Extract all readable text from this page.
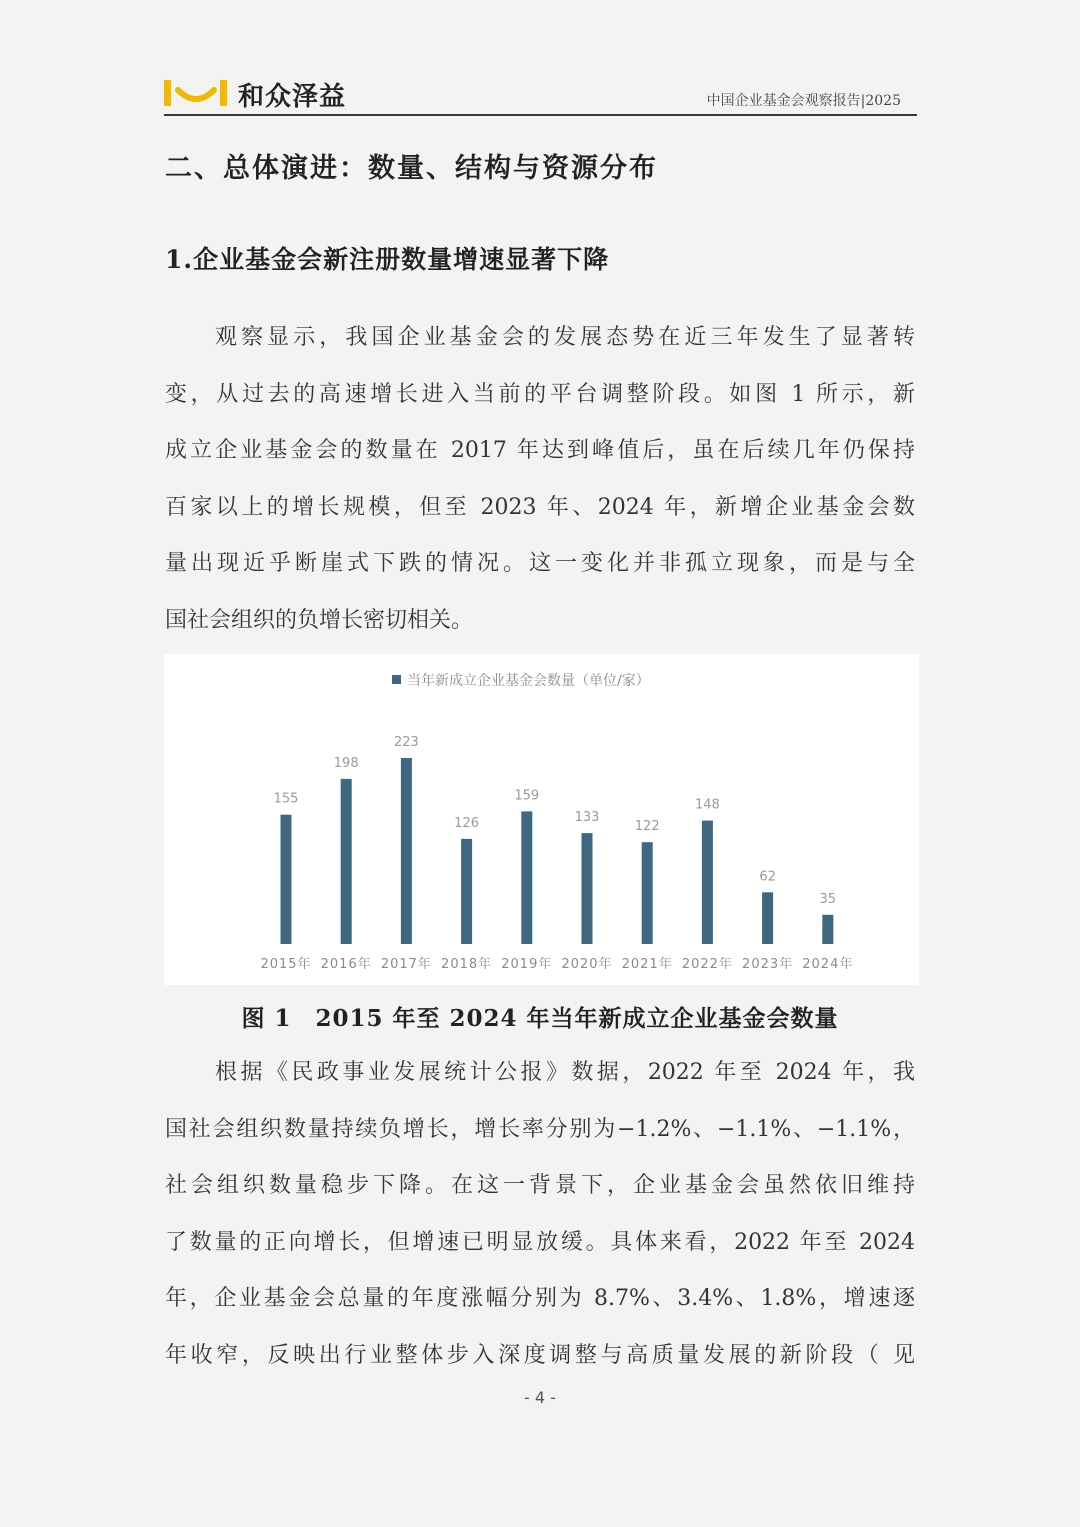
和众泽益	中国企业基金会观察报告|2025
二、总体演进：数量、结构与资源分布
1.企业基金会新注册数量增速显著下降
观察显示，我国企业基金会的发展态势在近三年发生了显著转
变，从过去的高速增长进入当前的平台调整阶段。如图 1 所示，新
成立企业基金会的数量在 2017 年达到峰值后，虽在后续几年仍保持
百家以上的增长规模，但至 2023 年、2024 年，新增企业基金会数
量出现近乎断崖式下跌的情况。这一变化并非孤立现象，而是与全
国社会组织的负增长密切相关。
当年新成立企业基金会数量（单位/家）
155
2015年
198
2016年
223
2017年
126
2018年
159
2019年
133
2020年
122
2021年
148
2022年
62
2023年
35
2024年
图 1　2015 年至 2024 年当年新成立企业基金会数量
根据《民政事业发展统计公报》数据，2022 年至 2024 年，我
国社会组织数量持续负增长，增长率分别为−1.2%、−1.1%、−1.1%，
社会组织数量稳步下降。在这一背景下，企业基金会虽然依旧维持
了数量的正向增长，但增速已明显放缓。具体来看，2022 年至 2024
年，企业基金会总量的年度涨幅分别为 8.7%、3.4%、1.8%，增速逐
年收窄，反映出行业整体步入深度调整与高质量发展的新阶段（ 见
- 4 -
